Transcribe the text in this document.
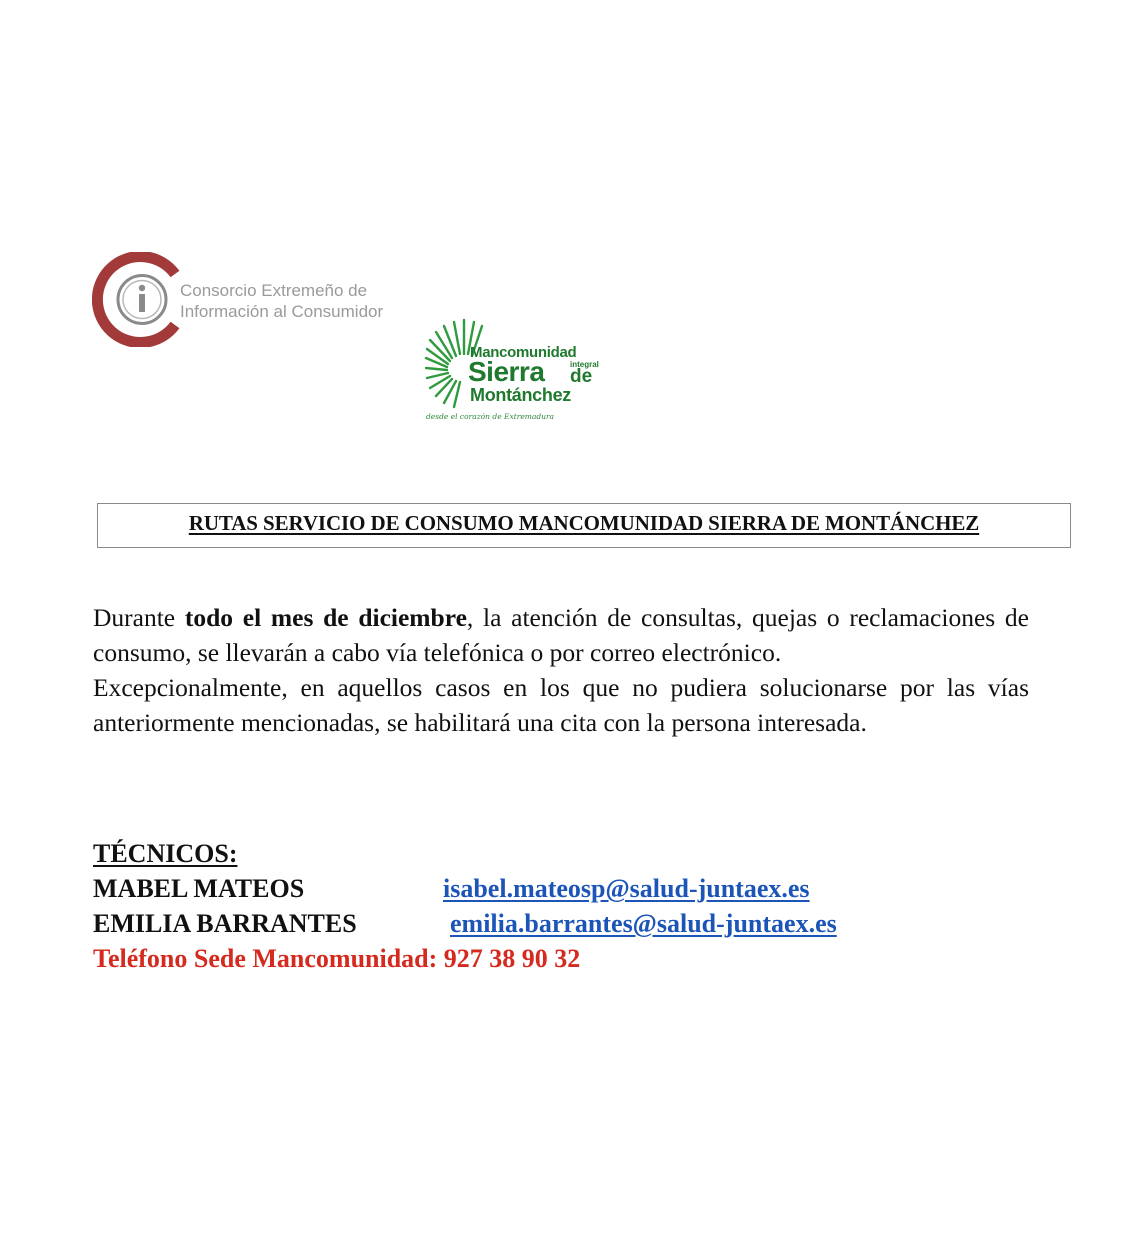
Consorcio Extremeño de
Información al Consumidor
Mancomunidad
integral
Sierra de
Montánchez
desde el corazón de Extremadura
RUTAS SERVICIO DE CONSUMO MANCOMUNIDAD SIERRA DE MONTÁNCHEZ

Durante todo el mes de diciembre, la atención de consultas, quejas o reclamaciones de consumo, se llevarán a cabo vía telefónica o por correo electrónico.

Excepcionalmente, en aquellos casos en los que no pudiera solucionarse por las vías anteriormente mencionadas, se habilitará una cita con la persona interesada.

TÉCNICOS:
MABEL MATEOS	isabel.mateosp@salud-juntaex.es
EMILIA BARRANTES	emilia.barrantes@salud-juntaex.es
Teléfono Sede Mancomunidad: 927 38 90 32
